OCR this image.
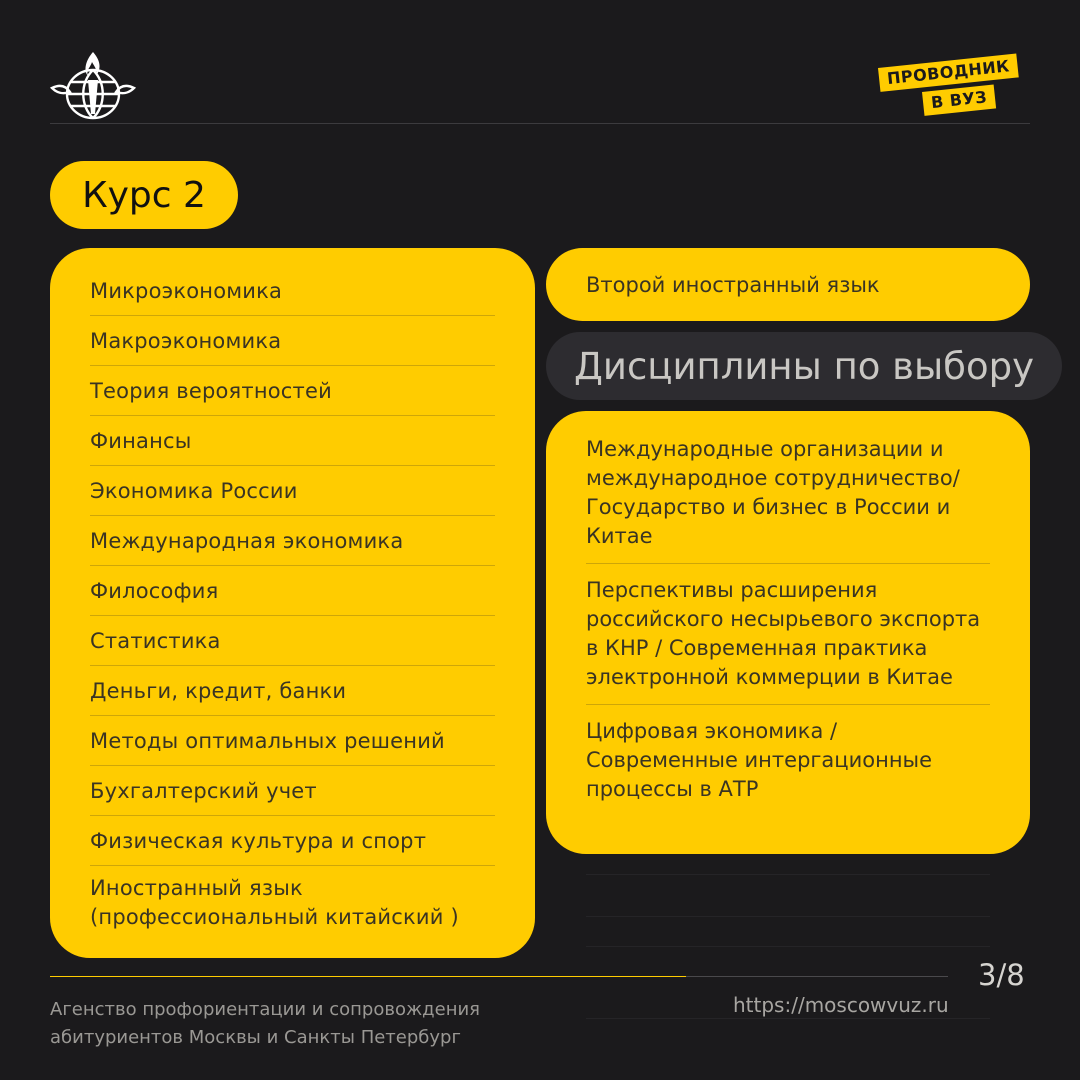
ПРОВОДНИК
В ВУЗ
Курс 2
Микроэкономика
Макроэкономика
Теория вероятностей
Финансы
Экономика России
Международная экономика
Философия
Статистика
Деньги, кредит, банки
Методы оптимальных решений
Бухгалтерский учет
Физическая культура и спорт
Иностранный язык (профессиональный китайский )
Второй иностранный язык
Дисциплины по выбору
Международные организации и международное сотрудничество/ Государство и бизнес в России и Китае
Перспективы расширения российского несырьевого экспорта в КНР / Современная практика электронной коммерции в Китае
Цифровая экономика / Современные интергационные процессы в АТР
3/8
https://moscowvuz.ru
Агенство профориентации и сопровождения абитуриентов Москвы и Санкты Петербург
